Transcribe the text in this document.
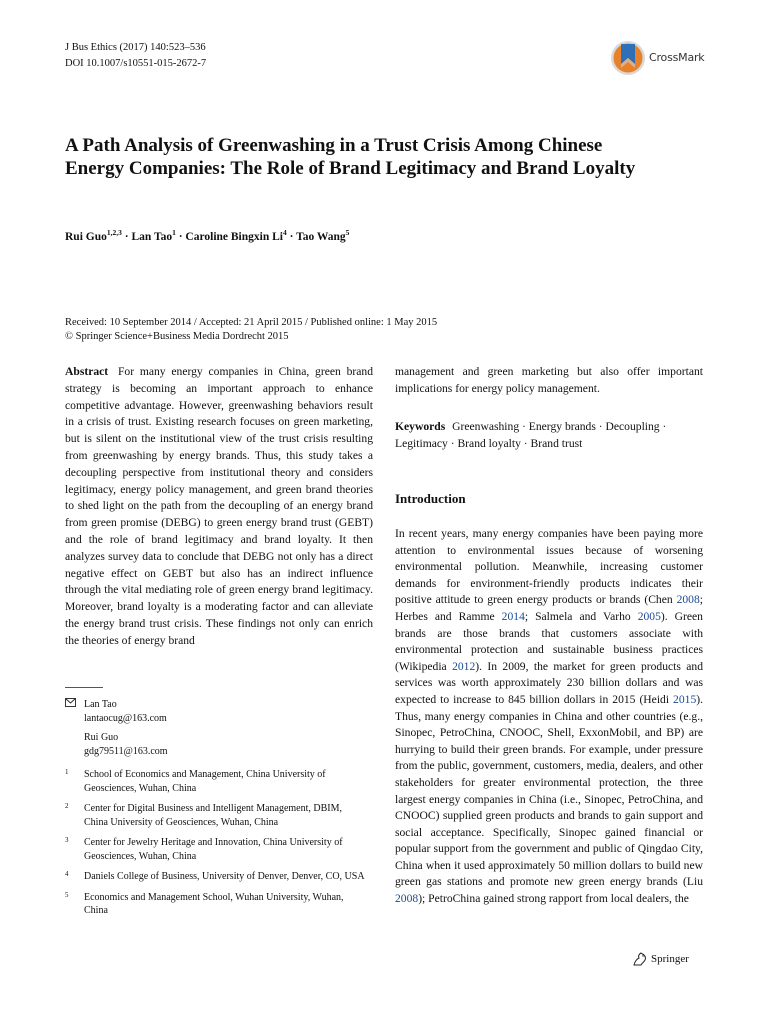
J Bus Ethics (2017) 140:523–536
DOI 10.1007/s10551-015-2672-7	CrossMark
A Path Analysis of Greenwashing in a Trust Crisis Among Chinese Energy Companies: The Role of Brand Legitimacy and Brand Loyalty
Rui Guo$^{1,2,3}$ · Lan Tao$^1$ · Caroline Bingxin $Li^4$ · Tao Wang$^5$
Received: 10 September 2014 / Accepted: 21 April 2015 / Published online: 1 May 2015
© Springer Science+Business Media Dordrecht 2015

Abstract For many energy companies in China, green brand strategy is becoming an important approach to enhance competitive advantage. However, greenwashing behaviors result in a crisis of trust. Existing research focuses on green marketing, but is silent on the institutional view of the trust crisis resulting from greenwashing by energy brands. Thus, this study takes a decoupling perspective from institutional theory and considers legitimacy, energy policy management, and green brand theories to shed light on the path from the decoupling of an energy brand from green promise (DEBG) to green energy brand trust (GEBT) and the role of brand legitimacy and brand loyalty. It then analyzes survey data to conclude that DEBG not only has a direct negative effect on GEBT but also has an indirect influence through the vital mediating role of green energy brand legitimacy. Moreover, brand loyalty is a moderating factor and can alleviate the energy brand trust crisis. These findings not only can enrich the theories of energy brand

management and green marketing but also offer important implications for energy policy management.

Keywords Greenwashing · Energy brands · Decoupling · Legitimacy · Brand loyalty · Brand trust
Introduction

In recent years, many energy companies have been paying more attention to environmental issues because of worsening environmental pollution. Meanwhile, increasing customer demands for environment-friendly products indicates their positive attitude to green energy products or brands (Chen 2008; Herbes and Ramme 2014; Salmela and Varho 2005). Green brands are those brands that customers associate with environmental protection and sustainable business practices (Wikipedia 2012). In 2009, the market for green products and services was worth approximately 230 billion dollars and was expected to increase to 845 billion dollars in 2015 (Heidi 2015). Thus, many energy companies in China and other countries (e.g., Sinopec, PetroChina, CNOOC, Shell, ExxonMobil, and BP) are hurrying to build their green brands. For example, under pressure from the public, government, customers, media, dealers, and other stakeholders for greater environmental protection, the three largest energy companies in China (i.e., Sinopec, PetroChina, and CNOOC) supplied green products and brands to gain support and social acceptance. Specifically, Sinopec gained financial or popular support from the government and public of Qingdao City, China when it used approximately 50 million dollars to build new green gas stations and promote new green energy brands (Liu 2008); PetroChina gained strong rapport from local dealers, the

Lan Tao
lantaocug@163.com
Rui Guo
gdg79511@163.com
1	School of Economics and Management, China University of Geosciences, Wuhan, China
2	Center for Digital Business and Intelligent Management, DBIM, China University of Geosciences, Wuhan, China
3	Center for Jewelry Heritage and Innovation, China University of Geosciences, Wuhan, China
4	Daniels College of Business, University of Denver, Denver, CO, USA
5	Economics and Management School, Wuhan University, Wuhan, China
Springer
